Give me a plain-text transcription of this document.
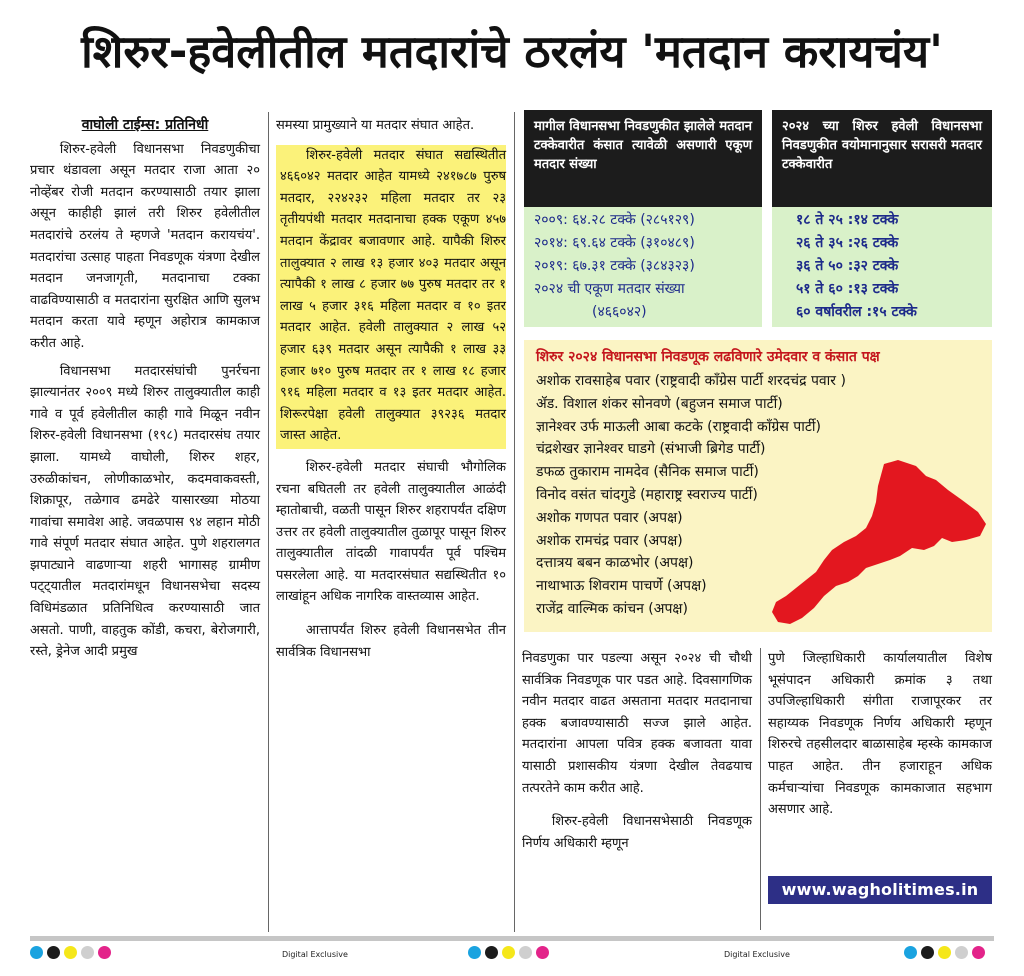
शिरुर-हवेलीतील मतदारांचे ठरलंय 'मतदान करायचंय'
वाघोली टाईम्स: प्रतिनिधी

शिरुर-हवेली विधानसभा निवडणुकीचा प्रचार थंडावला असून मतदार राजा आता २० नोव्हेंबर रोजी मतदान करण्यासाठी तयार झाला असून काहीही झालं तरी शिरुर हवेलीतील मतदारांचे ठरलंय ते म्हणजे 'मतदान करायचंय'. मतदारांचा उत्साह पाहता निवडणूक यंत्रणा देखील मतदान जनजागृती, मतदानाचा टक्का वाढविण्यासाठी व मतदारांना सुरक्षित आणि सुलभ मतदान करता यावे म्हणून अहोरात्र कामकाज करीत आहे.

विधानसभा मतदारसंघांची पुनर्रचना झाल्यानंतर २००९ मध्ये शिरुर तालुक्यातील काही गावे व पूर्व हवेलीतील काही गावे मिळून नवीन शिरुर-हवेली विधानसभा (१९८) मतदारसंघ तयार झाला. यामध्ये वाघोली, शिरुर शहर, उरुळीकांचन, लोणीकाळभोर, कदमवाकवस्ती, शिक्रापूर, तळेगाव ढमढेरे यासारख्या मोठया गावांचा समावेश आहे. जवळपास ९४ लहान मोठी गावे संपूर्ण मतदार संघात आहेत. पुणे शहरालगत झपाट्याने वाढणाऱ्या शहरी भागासह ग्रामीण पट्ट्यातील मतदारांमधून विधानसभेचा सदस्य विधिमंडळात प्रतिनिधित्व करण्यासाठी जात असतो. पाणी, वाहतुक कोंडी, कचरा, बेरोजगारी, रस्ते, ड्रेनेज आदी प्रमुख

समस्या प्रामुख्याने या मतदार संघात आहेत.

शिरुर-हवेली मतदार संघात सद्यस्थितीत ४६६०४२ मतदार आहेत यामध्ये २४१७८७ पुरुष मतदार, २२४२३२ महिला मतदार तर २३ तृतीयपंथी मतदार मतदानाचा हक्क एकूण ४५७ मतदान केंद्रावर बजावणार आहे. यापैकी शिरुर तालुक्यात २ लाख १३ हजार ४०३ मतदार असून त्यापैकी १ लाख ८ हजार ७७ पुरुष मतदार तर १ लाख ५ हजार ३१६ महिला मतदार व १० इतर मतदार आहेत. हवेली तालुक्यात २ लाख ५२ हजार ६३९ मतदार असून त्यापैकी १ लाख ३३ हजार ७१० पुरुष मतदार तर १ लाख १८ हजार ९१६ महिला मतदार व १३ इतर मतदार आहेत. शिरूरपेक्षा हवेली तालुक्यात ३९२३६ मतदार जास्त आहेत.

शिरुर-हवेली मतदार संघाची भौगोलिक रचना बघितली तर हवेली तालुक्यातील आळंदी म्हातोबाची, वळती पासून शिरुर शहरापर्यंत दक्षिण उत्तर तर हवेली तालुक्यातील तुळापूर पासून शिरुर तालुक्यातील तांदळी गावापर्यंत पूर्व पश्चिम पसरलेला आहे. या मतदारसंघात सद्यस्थितीत १० लाखांहून अधिक नागरिक वास्तव्यास आहेत.

आत्तापर्यंत शिरुर हवेली विधानसभेत तीन सार्वत्रिक विधानसभा

मागील विधानसभा निवडणुकीत झालेले मतदान टक्केवारीत कंसात त्यावेळी असणारी एकूण मतदार संख्या
२००९: ६४.२८ टक्के (२८५१२९)
२०१४: ६९.६४ टक्के (३१०४८९)
२०१९: ६७.३१ टक्के (३८४३२३)
२०२४ ची एकूण मतदार संख्या
(४६६०४२)
२०२४ च्या शिरुर हवेली विधानसभा निवडणुकीत वयोमानानुसार सरासरी मतदार टक्केवारीत
१८ ते २५ :१४ टक्के
२६ ते ३५ :२६ टक्के
३६ ते ५० :३२ टक्के
५१ ते ६० :१३ टक्के
६० वर्षावरील :१५ टक्के
शिरुर २०२४ विधानसभा निवडणूक लढविणारे उमेदवार व कंसात पक्ष
अशोक रावसाहेब पवार (राष्ट्रवादी काँग्रेस पार्टी शरदचंद्र पवार )
ॲड. विशाल शंकर सोनवणे (बहुजन समाज पार्टी)
ज्ञानेश्वर उर्फ माऊली आबा कटके (राष्ट्रवादी कॉंग्रेस पार्टी)
चंद्रशेखर ज्ञानेश्वर घाडगे (संभाजी ब्रिगेड पार्टी)
डफळ तुकाराम नामदेव (सैनिक समाज पार्टी)
विनोद वसंत चांदगुडे (महाराष्ट्र स्वराज्य पार्टी)
अशोक गणपत पवार (अपक्ष)
अशोक रामचंद्र पवार (अपक्ष)
दत्तात्रय बबन काळभोर (अपक्ष)
नाथाभाऊ शिवराम पाचर्णे (अपक्ष)
राजेंद्र वाल्मिक कांचन (अपक्ष)

निवडणुका पार पडल्या असून २०२४ ची चौथी सार्वत्रिक निवडणूक पार पडत आहे. दिवसागणिक नवीन मतदार वाढत असताना मतदार मतदानाचा हक्क बजावण्यासाठी सज्ज झाले आहेत. मतदारांना आपला पवित्र हक्क बजावता यावा यासाठी प्रशासकीय यंत्रणा देखील तेवढयाच तत्परतेने काम करीत आहे.

शिरुर-हवेली विधानसभेसाठी निवडणूक निर्णय अधिकारी म्हणून

पुणे जिल्हाधिकारी कार्यालयातील विशेष भूसंपादन अधिकारी क्रमांक ३ तथा उपजिल्हाधिकारी संगीता राजापूरकर तर सहाय्यक निवडणूक निर्णय अधिकारी म्हणून शिरुरचे तहसीलदार बाळासाहेब म्हस्के कामकाज पाहत आहेत. तीन हजाराहून अधिक कर्मचाऱ्यांचा निवडणूक कामकाजात सहभाग असणार आहे.

www.wagholitimes.in
Digital Exclusive	Digital Exclusive
